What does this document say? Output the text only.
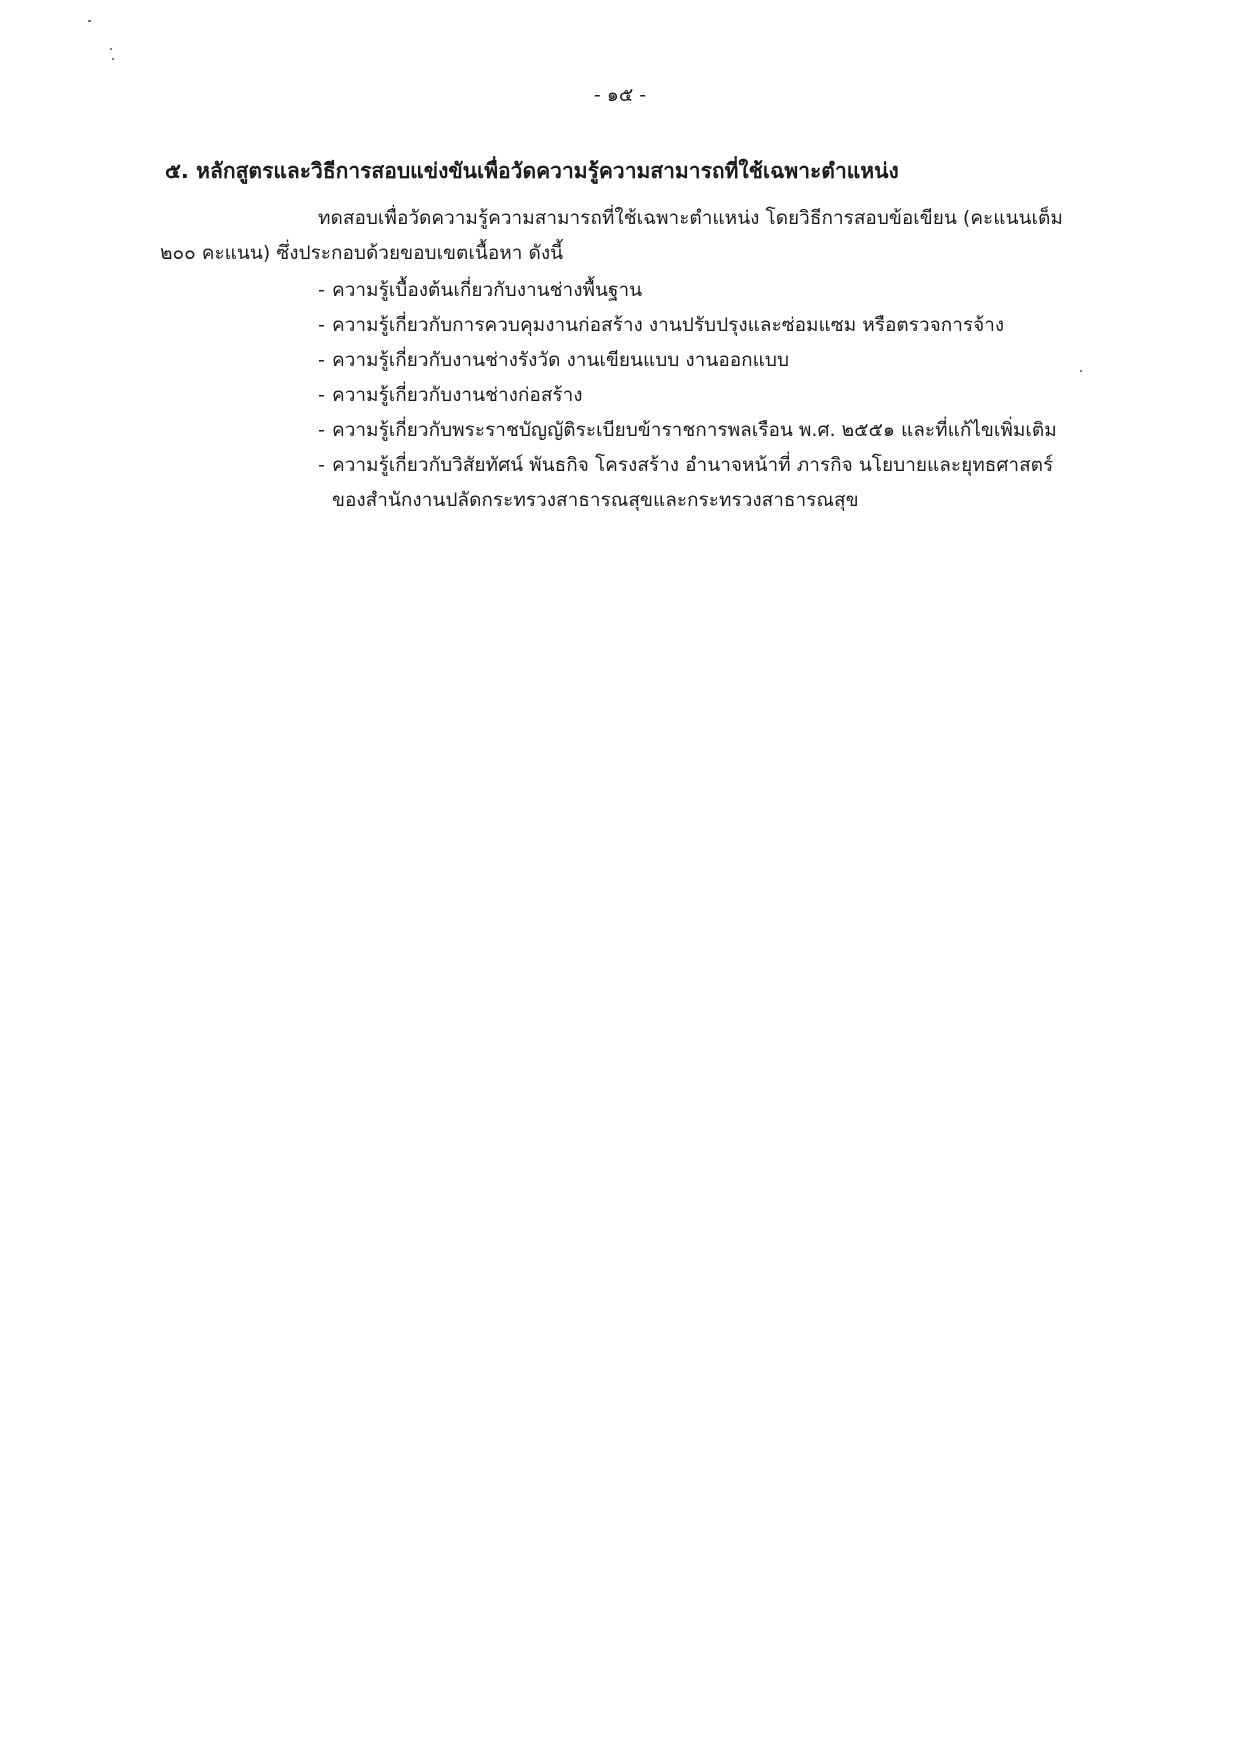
- ๑๕ -
๕. หลักสูตรและวิธีการสอบแข่งขันเพื่อวัดความรู้ความสามารถที่ใช้เฉพาะตำแหน่ง
ทดสอบเพื่อวัดความรู้ความสามารถที่ใช้เฉพาะตำแหน่ง โดยวิธีการสอบข้อเขียน (คะแนนเต็ม
๒๐๐ คะแนน) ซึ่งประกอบด้วยขอบเขตเนื้อหา ดังนี้
- ความรู้เบื้องต้นเกี่ยวกับงานช่างพื้นฐาน
- ความรู้เกี่ยวกับการควบคุมงานก่อสร้าง งานปรับปรุงและซ่อมแซม หรือตรวจการจ้าง
- ความรู้เกี่ยวกับงานช่างรังวัด งานเขียนแบบ งานออกแบบ
- ความรู้เกี่ยวกับงานช่างก่อสร้าง
- ความรู้เกี่ยวกับพระราชบัญญัติระเบียบข้าราชการพลเรือน พ.ศ. ๒๕๕๑ และที่แก้ไขเพิ่มเติม
- ความรู้เกี่ยวกับวิสัยทัศน์ พันธกิจ โครงสร้าง อำนาจหน้าที่ ภารกิจ นโยบายและยุทธศาสตร์
ของสำนักงานปลัดกระทรวงสาธารณสุขและกระทรวงสาธารณสุข
